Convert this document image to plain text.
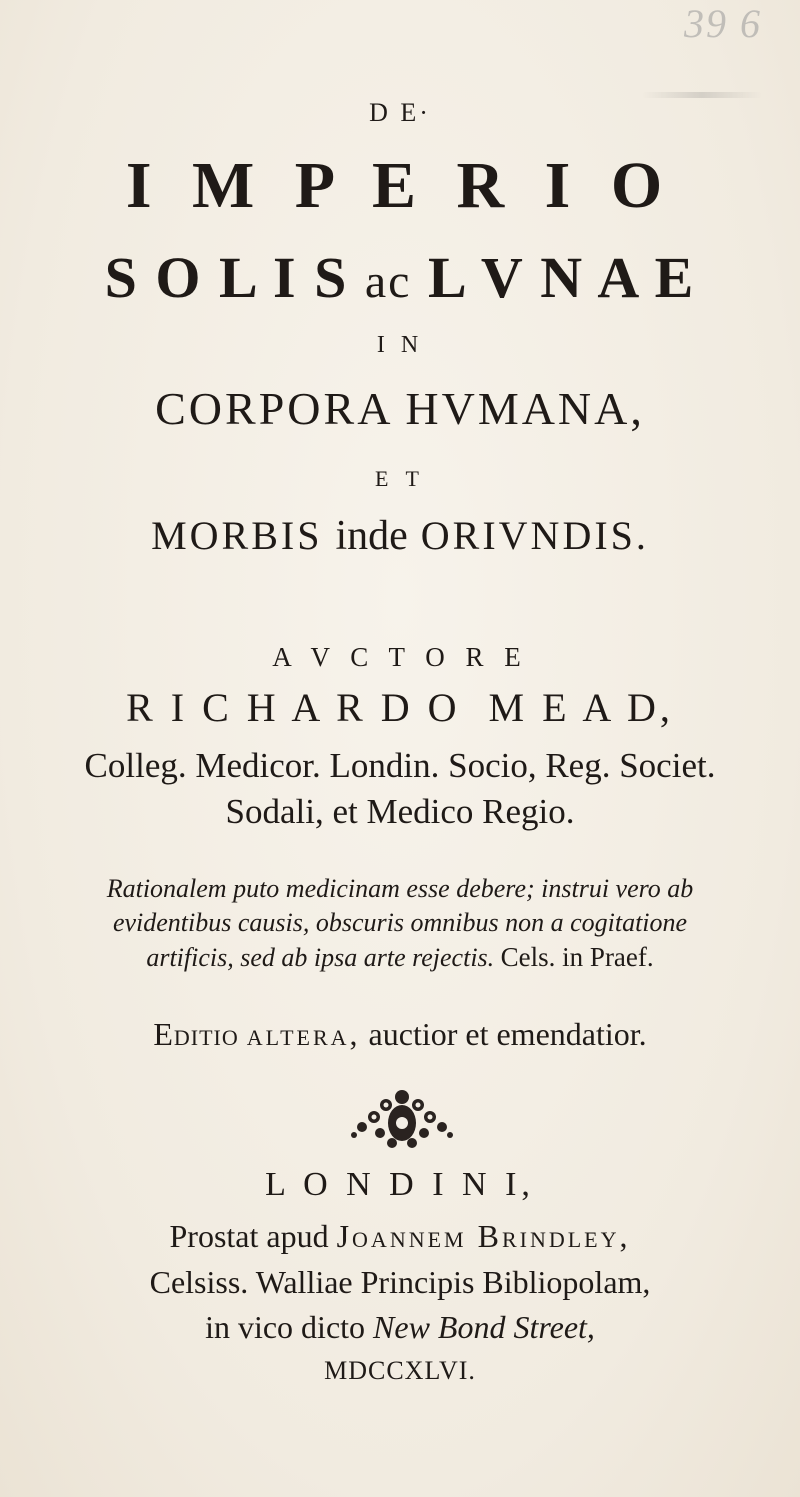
39 6
D E·
I M P E R I O
S O L I S ac L V N A E
I N
CORPORA HVMANA,
E T
MORBIS inde ORIVNDIS.
A V C T O R E
R I C H A R D O  M E A D,
Colleg. Medicor. Londin. Socio, Reg. Societ.
Sodali, et Medico Regio.
Rationalem puto medicinam esse debere; instrui vero ab
evidentibus causis, obscuris omnibus non a cogitatione
artificis, sed ab ipsa arte rejectis. Cels. in Praef.
Editio altera, auctior et emendatior.
L O N D I N I,
Prostat apud Joannem Brindley,
Celsiss. Walliae Principis Bibliopolam,
in vico dicto New Bond Street,
MDCCXLVI.
